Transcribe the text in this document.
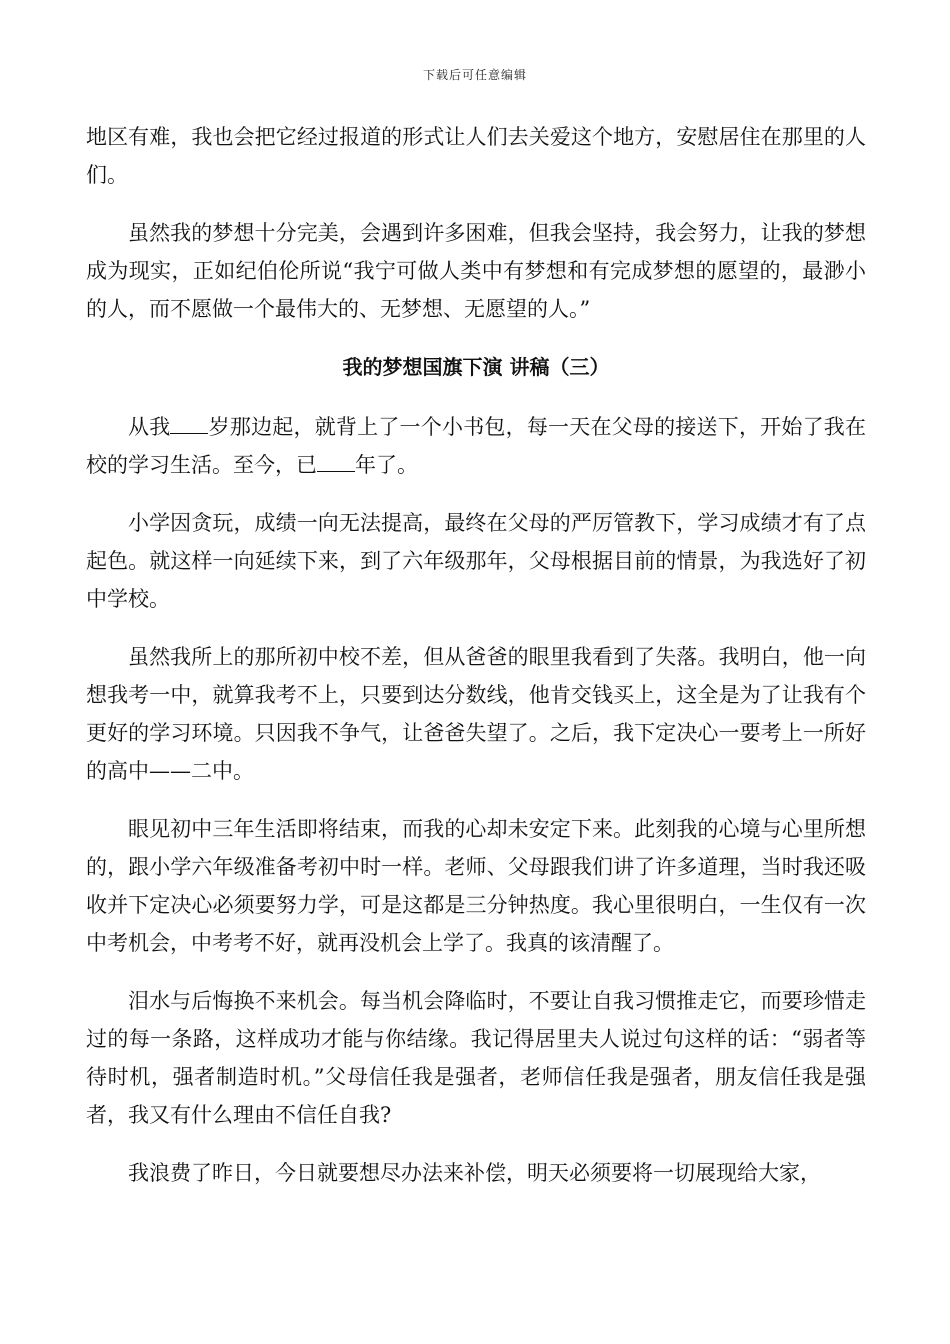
下载后可任意编辑

地区有难，我也会把它经过报道的形式让人们去关爱这个地方，安慰居住在那里的人们。

虽然我的梦想十分完美，会遇到许多困难，但我会坚持，我会努力，让我的梦想成为现实，正如纪伯伦所说“我宁可做人类中有梦想和有完成梦想的愿望的，最渺小的人，而不愿做一个最伟大的、无梦想、无愿望的人。”

我的梦想国旗下演 讲稿（三）

从我 岁那边起，就背上了一个小书包，每一天在父母的接送下，开始了我在校的学习生活。至今，已 年了。

小学因贪玩，成绩一向无法提高，最终在父母的严厉管教下，学习成绩才有了点起色。就这样一向延续下来，到了六年级那年，父母根据目前的情景，为我选好了初中学校。

虽然我所上的那所初中校不差，但从爸爸的眼里我看到了失落。我明白，他一向想我考一中，就算我考不上，只要到达分数线，他肯交钱买上，这全是为了让我有个更好的学习环境。只因我不争气，让爸爸失望了。之后，我下定决心一要考上一所好的高中——二中。

眼见初中三年生活即将结束，而我的心却未安定下来。此刻我的心境与心里所想的，跟小学六年级准备考初中时一样。老师、父母跟我们讲了许多道理，当时我还吸收并下定决心必须要努力学，可是这都是三分钟热度。我心里很明白，一生仅有一次中考机会，中考考不好，就再没机会上学了。我真的该清醒了。

泪水与后悔换不来机会。每当机会降临时，不要让自我习惯推走它，而要珍惜走过的每一条路，这样成功才能与你结缘。我记得居里夫人说过句这样的话：“弱者等待时机，强者制造时机。”父母信任我是强者，老师信任我是强者，朋友信任我是强者，我又有什么理由不信任自我?

我浪费了昨日，今日就要想尽办法来补偿，明天必须要将一切展现给大家，
